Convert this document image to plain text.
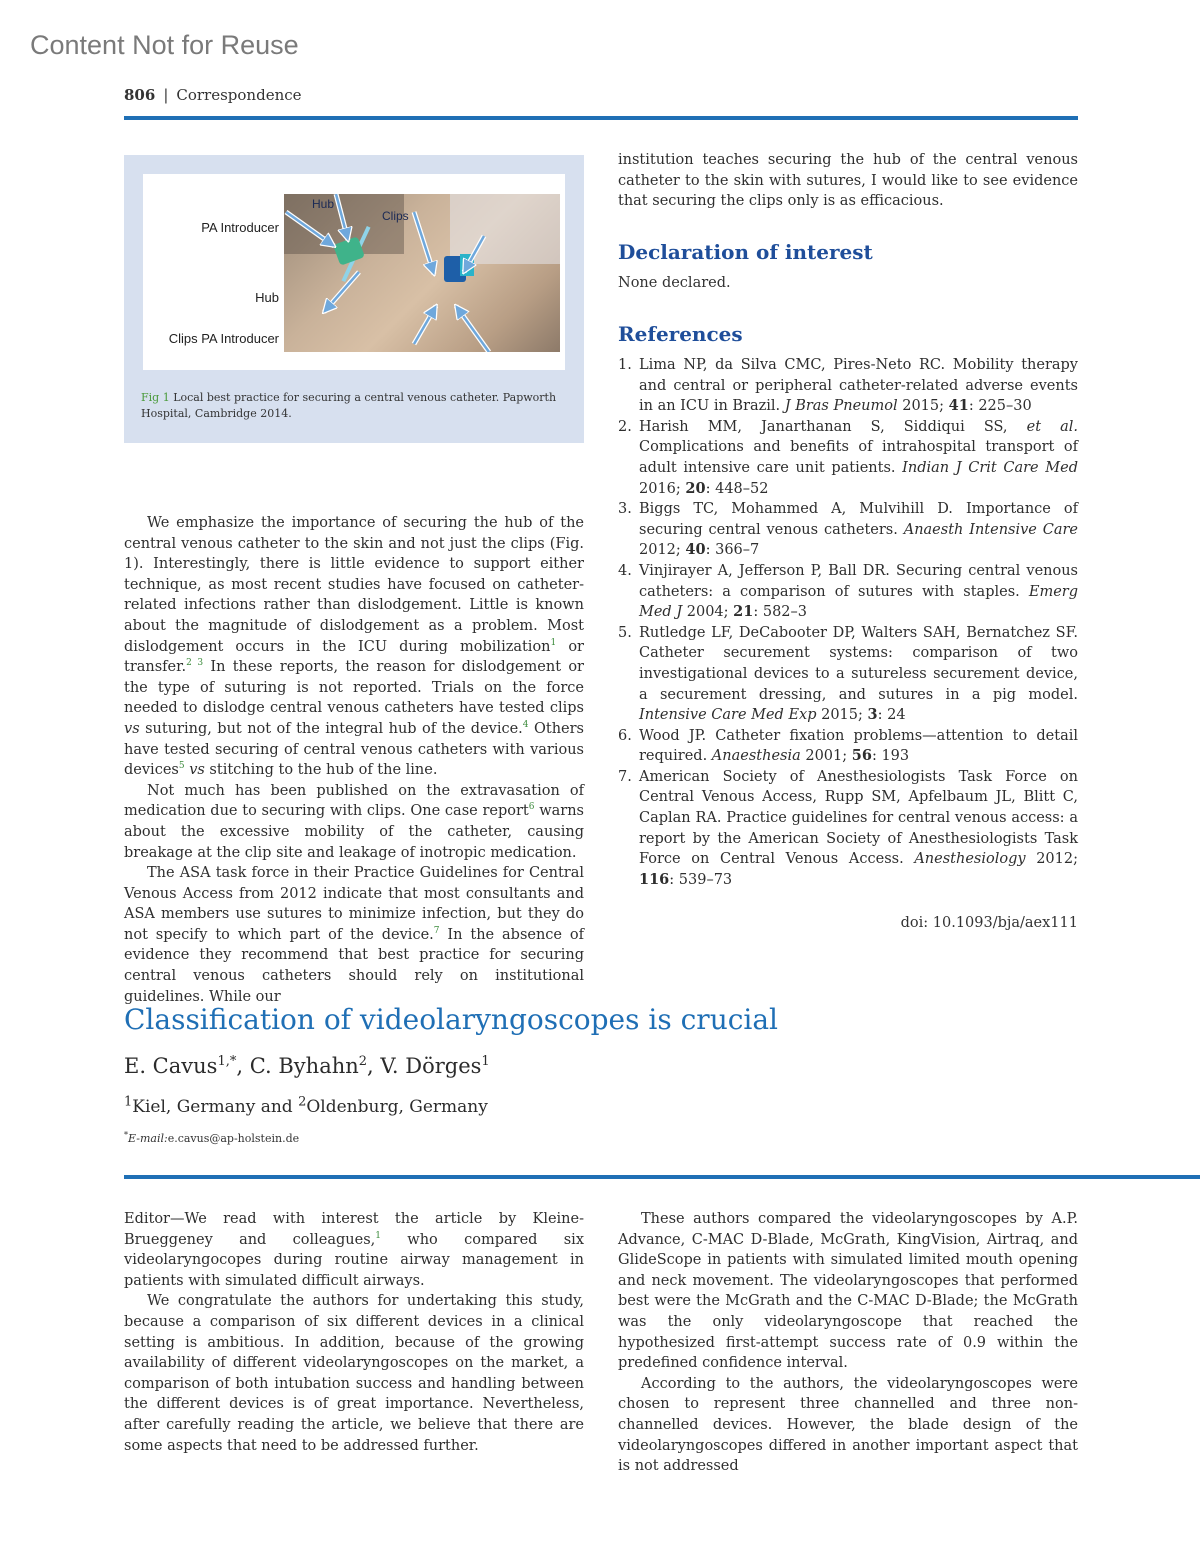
Content Not for Reuse
806 | Correspondence
PA Introducer
Hub
Clips PA Introducer
Hub
Clips
Fig 1 Local best practice for securing a central venous catheter. Papworth Hospital, Cambridge 2014.

We emphasize the importance of securing the hub of the central venous catheter to the skin and not just the clips (Fig. 1). Interestingly, there is little evidence to support either technique, as most recent studies have focused on catheter-related infections rather than dislodgement. Little is known about the magnitude of dislodgement as a problem. Most dislodgement occurs in the ICU during mobilization$^1$ or transfer.$^{2 3}$ In these reports, the reason for dislodgement or the type of suturing is not reported. Trials on the force needed to dislodge central venous catheters have tested clips vs suturing, but not of the integral hub of the device.$^4$ Others have tested securing of central venous catheters with various devices$^5$ vs stitching to the hub of the line.

Not much has been published on the extravasation of medication due to securing with clips. One case report$^6$ warns about the excessive mobility of the catheter, causing breakage at the clip site and leakage of inotropic medication.

The ASA task force in their Practice Guidelines for Central Venous Access from 2012 indicate that most consultants and ASA members use sutures to minimize infection, but they do not specify to which part of the device.$^7$ In the absence of evidence they recommend that best practice for securing central venous catheters should rely on institutional guidelines. While our

institution teaches securing the hub of the central venous catheter to the skin with sutures, I would like to see evidence that securing the clips only is as efficacious.

Declaration of interest
None declared.
References
1. Lima NP, da Silva CMC, Pires-Neto RC. Mobility therapy and central or peripheral catheter-related adverse events in an ICU in Brazil. J Bras Pneumol 2015; 41: 225–30
2. Harish MM, Janarthanan S, Siddiqui SS, et al. Complications and benefits of intrahospital transport of adult intensive care unit patients. Indian J Crit Care Med 2016; 20: 448–52
3. Biggs TC, Mohammed A, Mulvihill D. Importance of securing central venous catheters. Anaesth Intensive Care 2012; 40: 366–7
4. Vinjirayer A, Jefferson P, Ball DR. Securing central venous catheters: a comparison of sutures with staples. Emerg Med J 2004; 21: 582–3
5. Rutledge LF, DeCabooter DP, Walters SAH, Bernatchez SF. Catheter securement systems: comparison of two investigational devices to a sutureless securement device, a securement dressing, and sutures in a pig model. Intensive Care Med Exp 2015; 3: 24
6. Wood JP. Catheter fixation problems—attention to detail required. Anaesthesia 2001; 56: 193
7. American Society of Anesthesiologists Task Force on Central Venous Access, Rupp SM, Apfelbaum JL, Blitt C, Caplan RA. Practice guidelines for central venous access: a report by the American Society of Anesthesiologists Task Force on Central Venous Access. Anesthesiology 2012; 116: 539–73
doi: 10.1093/bja/aex111
Classification of videolaryngoscopes is crucial
E. Cavus$^{1,*}$, C. Byhahn$^2$, V. Dörges$^1$
$^1$Kiel, Germany and $^2$Oldenburg, Germany
*E-mail:e.cavus@ap-holstein.de

Editor—We read with interest the article by Kleine-Brueggeney and colleagues,$^1$ who compared six videolaryngocopes during routine airway management in patients with simulated difficult airways.

We congratulate the authors for undertaking this study, because a comparison of six different devices in a clinical setting is ambitious. In addition, because of the growing availability of different videolaryngoscopes on the market, a comparison of both intubation success and handling between the different devices is of great importance. Nevertheless, after carefully reading the article, we believe that there are some aspects that need to be addressed further.

These authors compared the videolaryngoscopes by A.P. Advance, C-MAC D-Blade, McGrath, KingVision, Airtraq, and GlideScope in patients with simulated limited mouth opening and neck movement. The videolaryngoscopes that performed best were the McGrath and the C-MAC D-Blade; the McGrath was the only videolaryngoscope that reached the hypothesized first-attempt success rate of 0.9 within the predefined confidence interval.

According to the authors, the videolaryngoscopes were chosen to represent three channelled and three non-channelled devices. However, the blade design of the videolaryngoscopes differed in another important aspect that is not addressed
